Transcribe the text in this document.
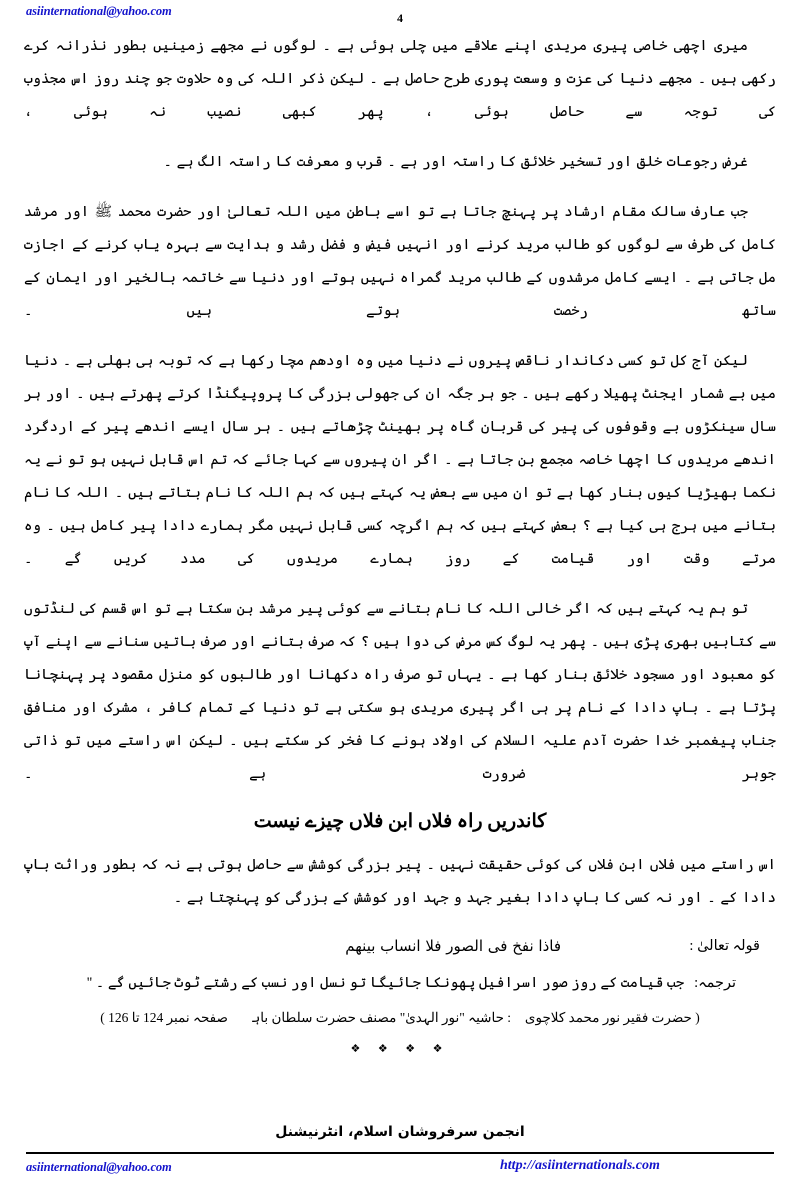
asiinternational@yahoo.com	4

میری اچھی خاصی پیری مریدی اپنے علاقے میں چلی ہوئی ہے ۔ لوگوں نے مجھے زمینیں بطور نذرانہ کرے رکھی ہیں ۔ مجھے دنیا کی عزت و وسعت پوری طرح حاصل ہے ۔ لیکن ذکر اللہ کی وہ حلاوت جو چند روز اس مجذوب کی توجہ سے حاصل ہوئی ، پھر کبھی نصیب نہ ہوئی ،

غرض رجوعات خلق اور تسخیر خلائق کا راستہ اور ہے ۔ قرب و معرفت کا راستہ الگ ہے ۔

جب عارف سالک مقام ارشاد پر پہنچ جاتا ہے تو اسے باطن میں اللہ تعالیٰ اور حضرت محمد ﷺ اور مرشد کامل کی طرف سے لوگوں کو طالب مرید کرنے اور انہیں فیض و فضل رشد و ہدایت سے بہرہ یاب کرنے کے اجازت مل جاتی ہے ۔ ایسے کامل مرشدوں کے طالب مرید گمراہ نہیں ہوتے اور دنیا سے خاتمہ بالخیر اور ایمان کے ساتھ رخصت ہوتے ہیں ۔

لیکن آج کل تو کسی دکاندار ناقص پیروں نے دنیا میں وہ اودھم مچا رکھا ہے کہ توبہ ہی بھلی ہے ۔ دنیا میں بے شمار ایجنٹ پھیلا رکھے ہیں ۔ جو ہر جگہ ان کی جھولی بزرگی کا پروپیگنڈا کرتے پھرتے ہیں ۔ اور ہر سال سینکڑوں بے وقوفوں کی پیر کی قربان گاہ پر بھینٹ چڑھاتے ہیں ۔ ہر سال ایسے اندھے پیر کے اردگرد اندھے مریدوں کا اچھا خاصہ مجمع بن جاتا ہے ۔ اگر ان پیروں سے کہا جائے کہ تم اس قابل نہیں ہو تو نے یہ نکما بھیڑیا کیوں بنار کھا ہے تو ان میں سے بعض یہ کہتے ہیں کہ ہم اللہ کا نام بتاتے ہیں ۔ اللہ کا نام بتانے میں ہرج ہی کیا ہے ؟ بعض کہتے ہیں کہ ہم اگرچہ کسی قابل نہیں مگر ہمارے دادا پیر کامل ہیں ۔ وہ مرتے وقت اور قیامت کے روز ہمارے مریدوں کی مدد کریں گے ۔

تو ہم یہ کہتے ہیں کہ اگر خالی اللہ کا نام بتانے سے کوئی پیر مرشد بن سکتا ہے تو اس قسم کی لنڈتوں سے کتابیں بھری پڑی ہیں ۔ پھر یہ لوگ کس مرض کی دوا ہیں ؟ کہ صرف بتانے اور صرف باتیں سنانے سے اپنے آپ کو معبود اور مسجود خلائق بنار کھا ہے ۔ یہاں تو صرف راہ دکھانا اور طالبوں کو منزل مقصود پر پہنچانا پڑتا ہے ۔ باپ دادا کے نام پر ہی اگر پیری مریدی ہو سکتی ہے تو دنیا کے تمام کافر ، مشرک اور منافق جناب پیغمبر خدا حضرت آدم علیہ السلام کی اولاد ہونے کا فخر کر سکتے ہیں ۔ لیکن اس راستے میں تو ذاتی جوہر ضرورت ہے ۔

کاندریں راہ فلاں ابن فلاں چیزے نیست

اس راستے میں فلاں ابن فلاں کی کوئی حقیقت نہیں ۔ پیر بزرگی کوشش سے حاصل ہوتی ہے نہ کہ بطور وراثت باپ دادا کے ۔ اور نہ کسی کا باپ دادا بغیر جہد و جہد اور کوشش کے بزرگی کو پہنچتا ہے ۔

قولہ تعالیٰ :
فاذا نفخ فى الصور فلا انساب بينهم
ترجمہ:جب قیامت کے روز صور اسرافیل پھونکا جائیگا تو نسل اور نسب کے رشتے ٹوٹ جائیں گے ۔ ''
( حضرت فقیر نور محمد کلاچوی ؒ: حاشیہ "نور الہدیٰ" مصنف حضرت سلطان باہوؒ صفحہ نمبر 124 تا 126 )
❖ ❖ ❖ ❖
انجمن سرفروشان اسلام، انٹرنیشنل
asiinternational@yahoo.com	http://asiinternationals.com
